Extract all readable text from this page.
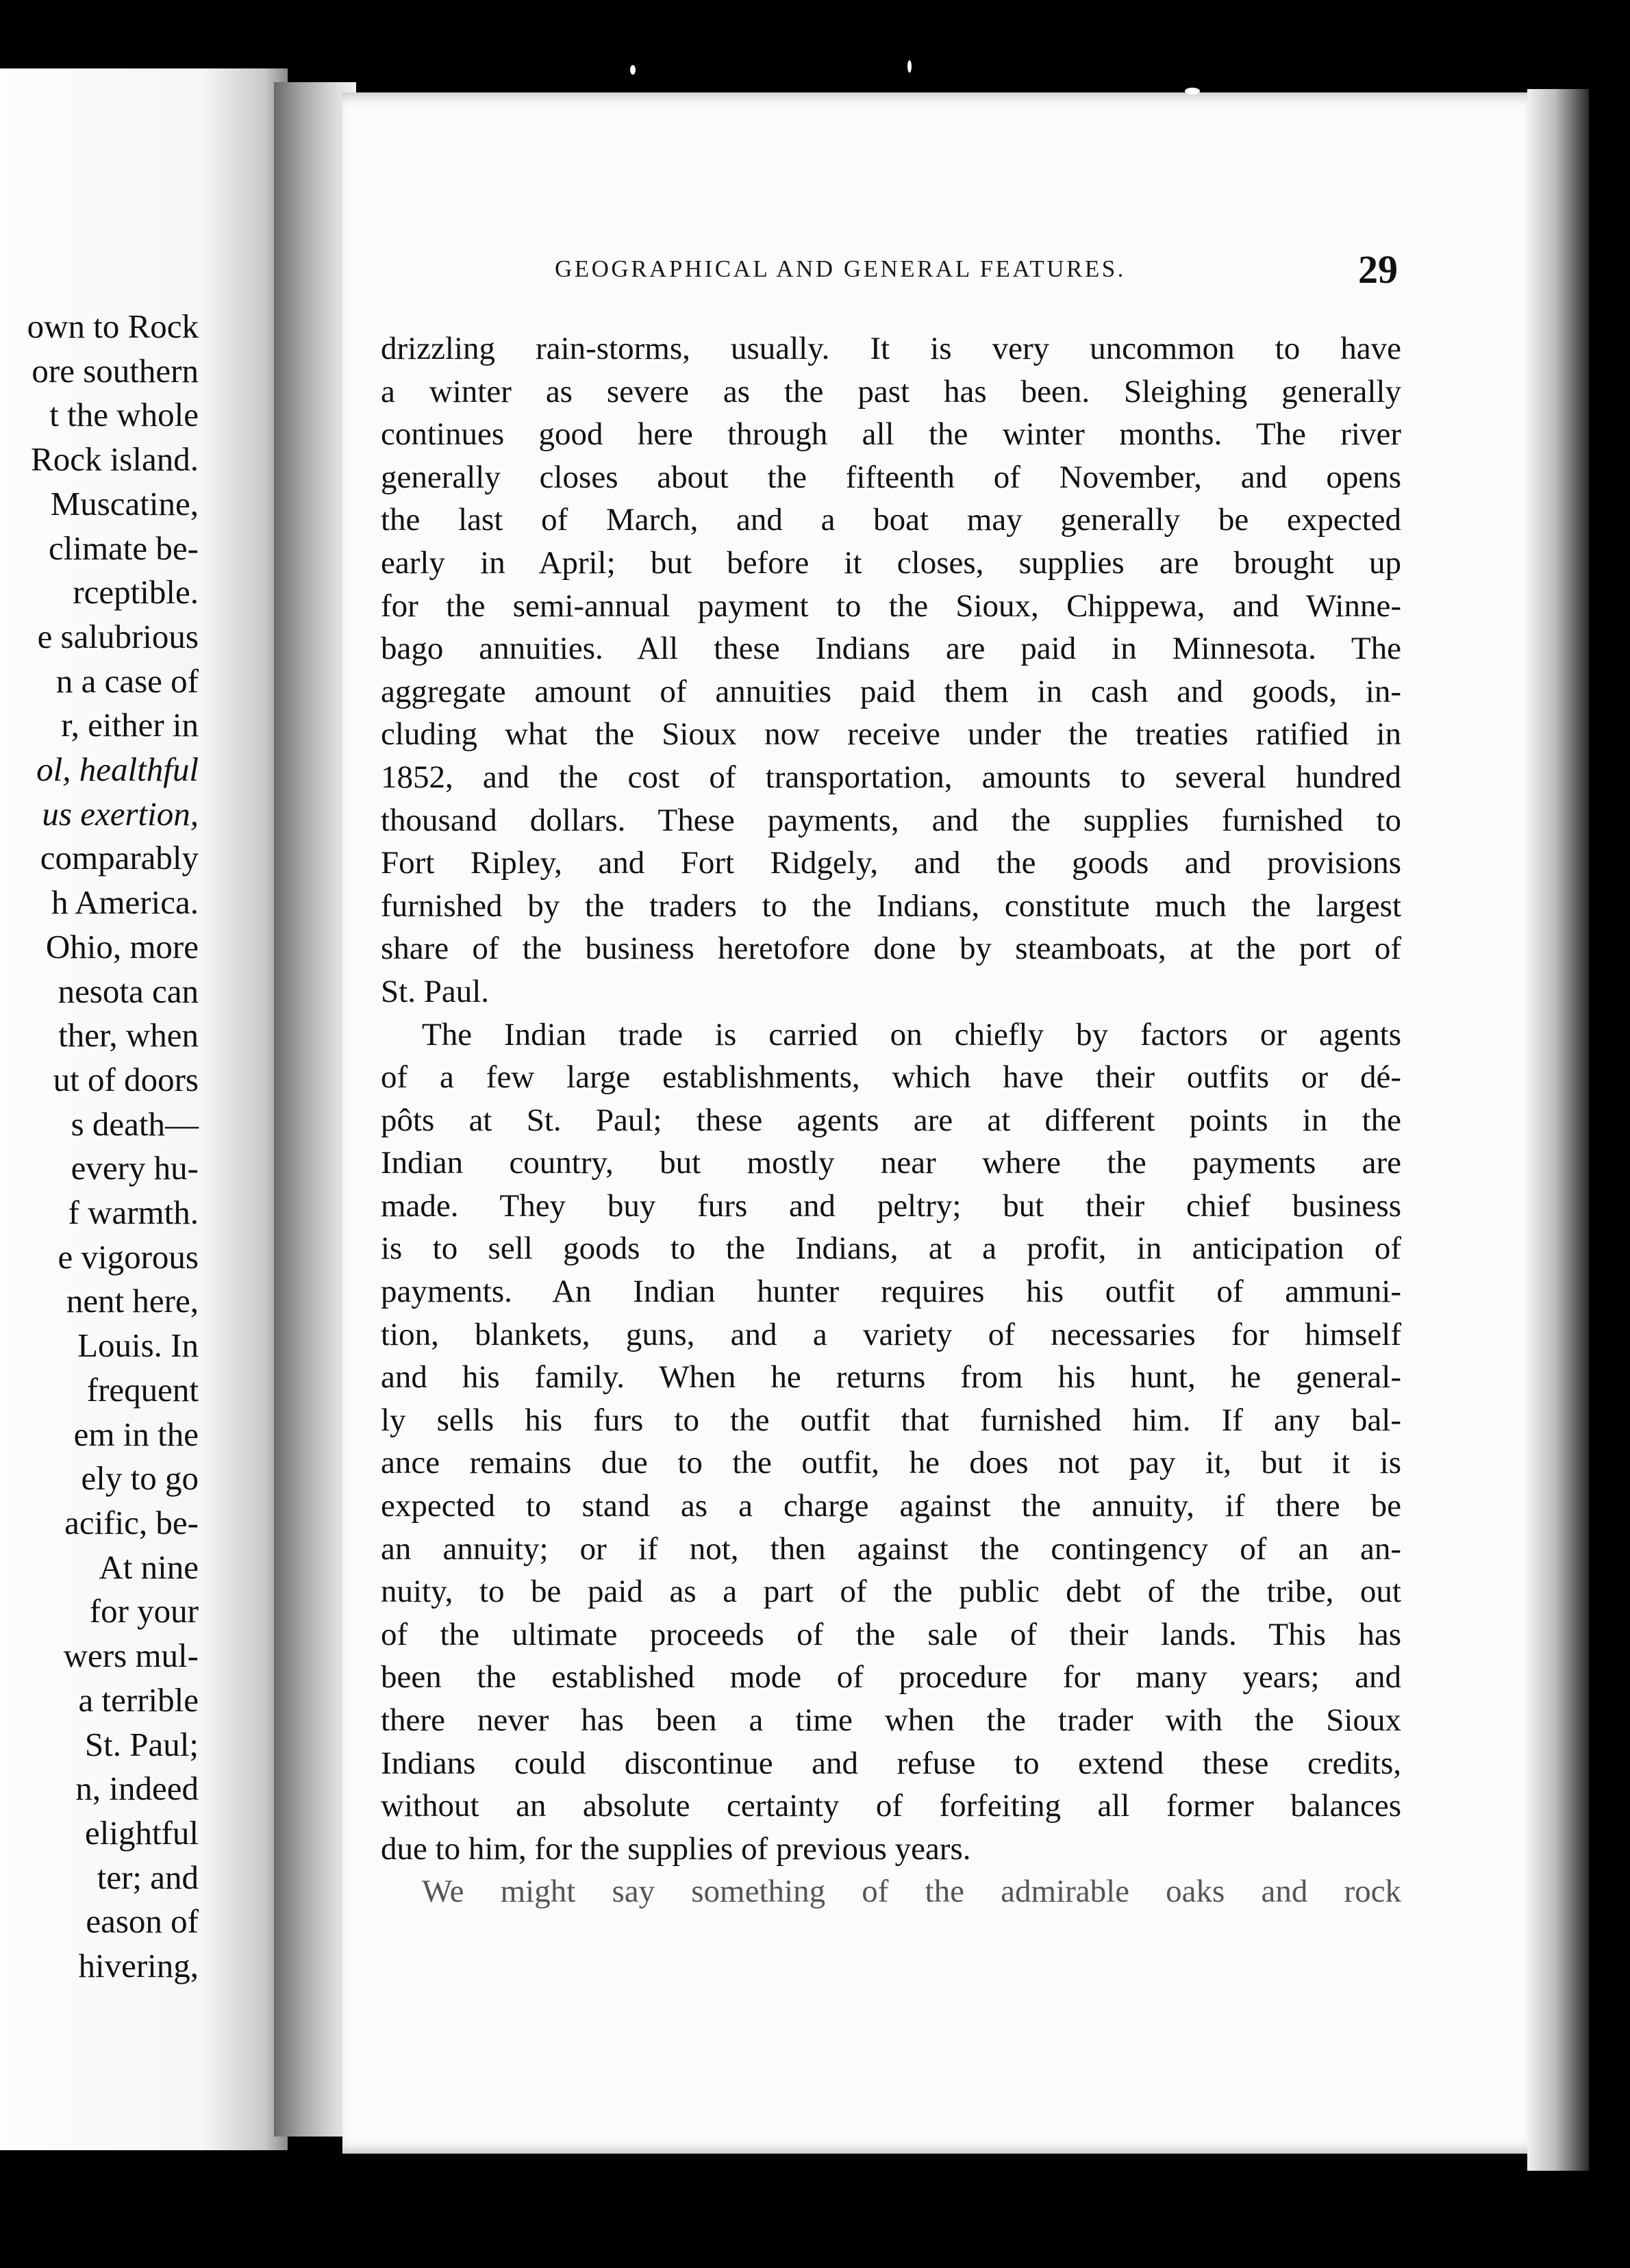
own to Rock
ore southern
t the whole
Rock island.
Muscatine,
climate be-
rceptible.
e salubrious
n a case of
r, either in
ol, healthful
us exertion,
comparably
h America.
Ohio, more
nesota can
ther, when
ut of doors
s death—
every hu-
f warmth.
e vigorous
nent here,
Louis. In
frequent
em in the
ely to go
acific, be-
At nine
for your
wers mul-
a terrible
St. Paul;
n, indeed
elightful
ter; and
eason of
hivering,
GEOGRAPHICAL AND GENERAL FEATURES.	29
drizzling rain-storms, usually. It is very uncommon to have
a winter as severe as the past has been. Sleighing generally
continues good here through all the winter months. The river
generally closes about the fifteenth of November, and opens
the last of March, and a boat may generally be expected
early in April; but before it closes, supplies are brought up
for the semi-annual payment to the Sioux, Chippewa, and Winne-
bago annuities. All these Indians are paid in Minnesota. The
aggregate amount of annuities paid them in cash and goods, in-
cluding what the Sioux now receive under the treaties ratified in
1852, and the cost of transportation, amounts to several hundred
thousand dollars. These payments, and the supplies furnished to
Fort Ripley, and Fort Ridgely, and the goods and provisions
furnished by the traders to the Indians, constitute much the largest
share of the business heretofore done by steamboats, at the port of
St. Paul.
The Indian trade is carried on chiefly by factors or agents
of a few large establishments, which have their outfits or dé-
pôts at St. Paul; these agents are at different points in the
Indian country, but mostly near where the payments are
made. They buy furs and peltry; but their chief business
is to sell goods to the Indians, at a profit, in anticipation of
payments. An Indian hunter requires his outfit of ammuni-
tion, blankets, guns, and a variety of necessaries for himself
and his family. When he returns from his hunt, he general-
ly sells his furs to the outfit that furnished him. If any bal-
ance remains due to the outfit, he does not pay it, but it is
expected to stand as a charge against the annuity, if there be
an annuity; or if not, then against the contingency of an an-
nuity, to be paid as a part of the public debt of the tribe, out
of the ultimate proceeds of the sale of their lands. This has
been the established mode of procedure for many years; and
there never has been a time when the trader with the Sioux
Indians could discontinue and refuse to extend these credits,
without an absolute certainty of forfeiting all former balances
due to him, for the supplies of previous years.
We might say something of the admirable oaks and rock
